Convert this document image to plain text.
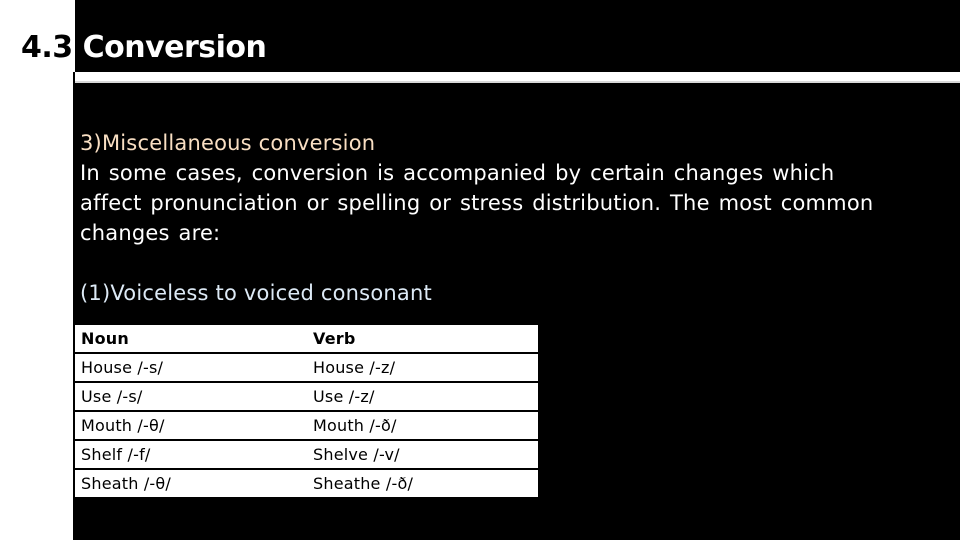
4.3 Conversion

3)Miscellaneous conversion

In some cases, conversion is accompanied by certain changes which affect pronunciation or spelling or stress distribution. The most common changes are:

(1)Voiceless to voiced consonant

Noun	Verb
House /-s/	House /-z/
Use /-s/	Use /-z/
Mouth /-θ/	Mouth /-ð/
Shelf /-f/	Shelve /-v/
Sheath /-θ/	Sheathe /-ð/
